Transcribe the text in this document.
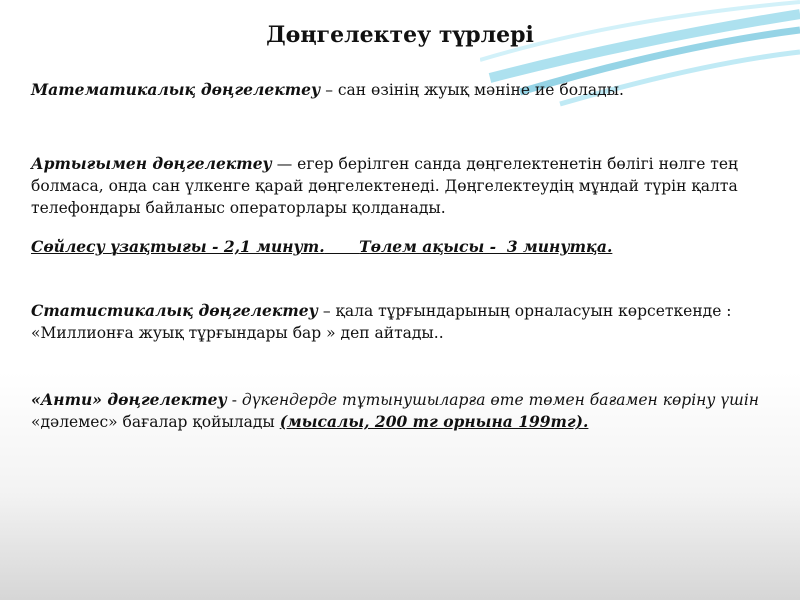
Дөңгелектеу түрлері
Математикалық дөңгелектеу – сан өзінің жуық мәніне ие болады.
Артығымен дөңгелектеу — егер берілген санда дөңгелектенетін бөлігі нөлге тең болмаса, онда сан үлкенге қарай дөңгелектенеді. Дөңгелектеудің мұндай түрін қалта телефондары байланыс операторлары қолданады.
Сөйлесу ұзақтығы - 2,1 минут. Төлем ақысы -  3 минутқа.
Статистикалық дөңгелектеу – қала тұрғындарының орналасуын көрсеткенде : «Миллионға жуық тұрғындары бар » деп айтады..
«Анти» дөңгелектеу - дүкендерде тұтынушыларға өте төмен бағамен көріну үшін «дәлемес» бағалар қойылады (мысалы, 200 тг орнына 199тг).
